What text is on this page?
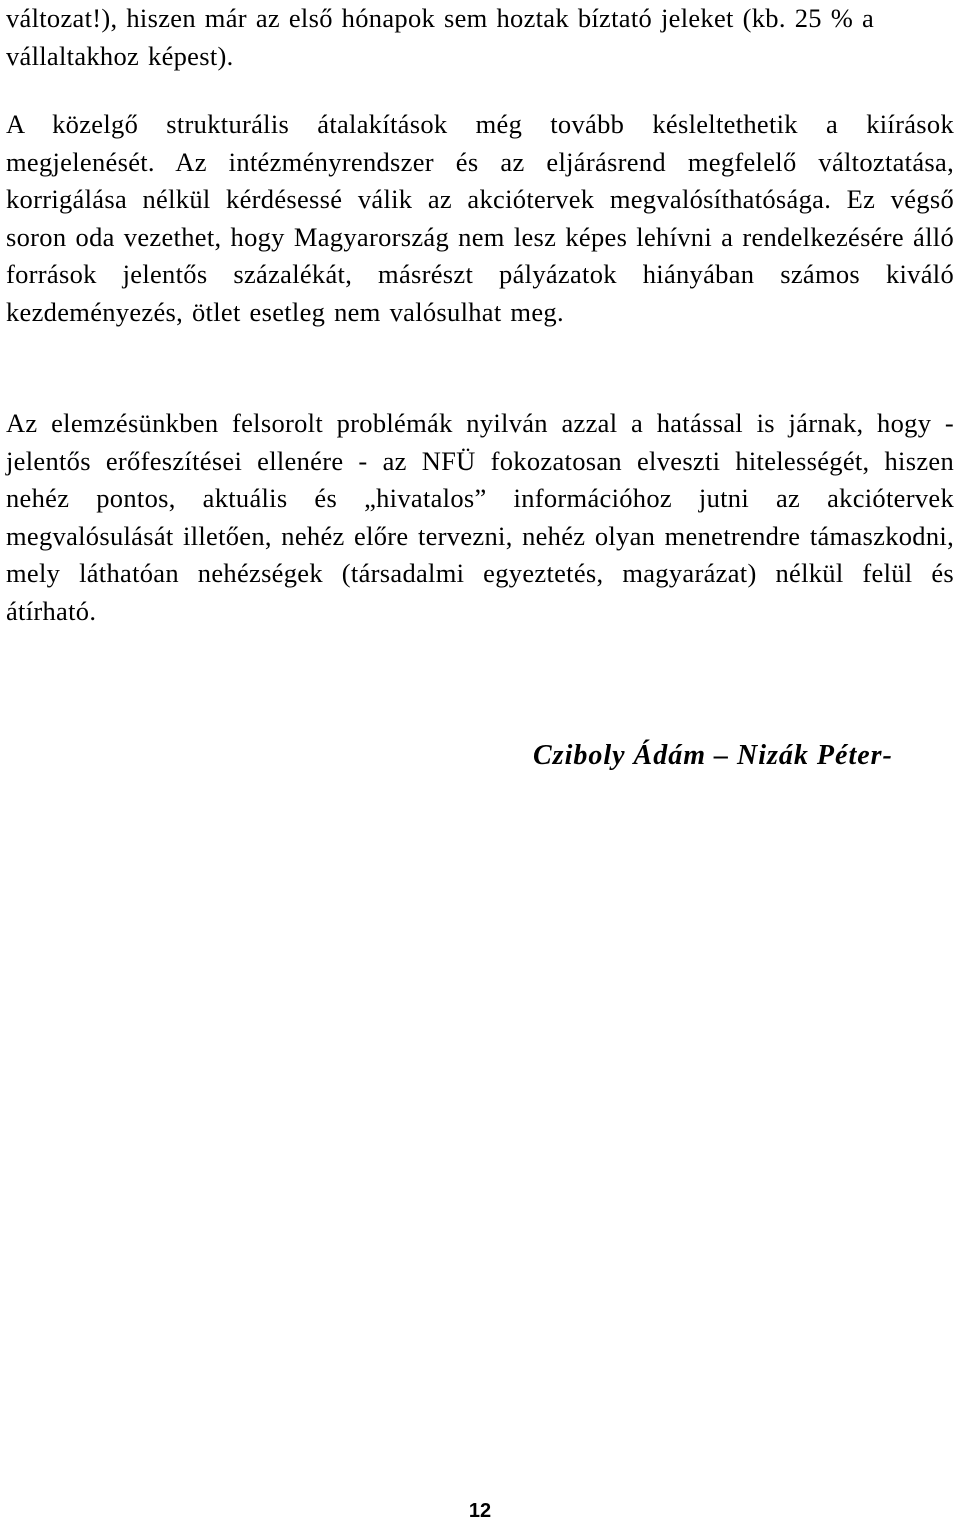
változat!), hiszen már az első hónapok sem hoztak bíztató jeleket (kb. 25 % a vállaltakhoz képest).

A közelgő strukturális átalakítások még tovább késleltethetik a kiírások megjelenését. Az intézményrendszer és az eljárásrend megfelelő változtatása, korrigálása nélkül kérdésessé válik az akciótervek megvalósíthatósága. Ez végső soron oda vezethet, hogy Magyarország nem lesz képes lehívni a rendelkezésére álló források jelentős százalékát, másrészt pályázatok hiányában számos kiváló kezdeményezés, ötlet esetleg nem valósulhat meg.

Az elemzésünkben felsorolt problémák nyilván azzal a hatással is járnak, hogy - jelentős erőfeszítései ellenére - az NFÜ fokozatosan elveszti hitelességét, hiszen nehéz pontos, aktuális és „hivatalos” információhoz jutni az akciótervek megvalósulását illetően, nehéz előre tervezni, nehéz olyan menetrendre támaszkodni, mely láthatóan nehézségek (társadalmi egyeztetés, magyarázat) nélkül felül és átírható.

Cziboly Ádám – Nizák Péter-
12
